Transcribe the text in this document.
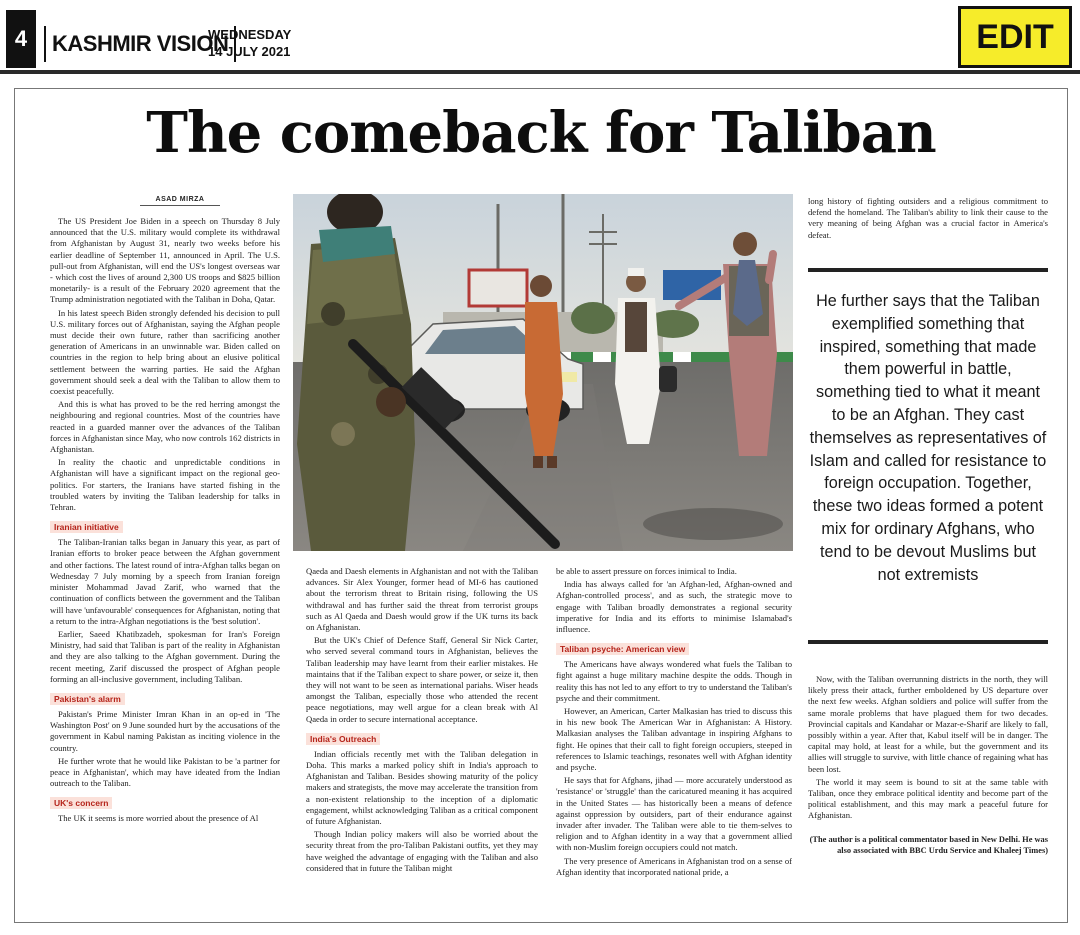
4	KASHMIR VISION
WEDNESDAY
14 JULY 2021	EDIT
The comeback for Taliban
ASAD MIRZA

The US President Joe Biden in a speech on Thursday 8 July announced that the U.S. military would complete its withdrawal from Afghanistan by August 31, nearly two weeks before his earlier deadline of September 11, announced in April. The U.S. pull-out from Afghanistan, will end the US's longest overseas war - which cost the lives of around 2,300 US troops and $825 billion monetarily- is a result of the February 2020 agreement that the Trump administration negotiated with the Taliban in Doha, Qatar.

In his latest speech Biden strongly defended his decision to pull U.S. military forces out of Afghanistan, saying the Afghan people must decide their own future, rather than sacrificing another generation of Americans in an unwinnable war. Biden called on countries in the region to help bring about an elusive political settlement between the warring parties. He said the Afghan government should seek a deal with the Taliban to allow them to coexist peacefully.

And this is what has proved to be the red herring amongst the neighbouring and regional countries. Most of the countries have reacted in a guarded manner over the advances of the Taliban forces in Afghanistan since May, who now controls 162 districts in Afghanistan.

In reality the chaotic and unpredictable conditions in Afghanistan will have a significant impact on the regional geo-politics. For starters, the Iranians have started fishing in the troubled waters by inviting the Taliban leadership for talks in Tehran.

Iranian initiative

The Taliban-Iranian talks began in January this year, as part of Iranian efforts to broker peace between the Afghan government and other factions. The latest round of intra-Afghan talks began on Wednesday 7 July morning by a speech from Iranian foreign minister Mohammad Javad Zarif, who warned that the continuation of conflicts between the government and the Taliban will have 'unfavourable' consequences for Afghanistan, noting that a return to the intra-Afghan negotiations is the 'best solution'.

Earlier, Saeed Khatibzadeh, spokesman for Iran's Foreign Ministry, had said that Taliban is part of the reality in Afghanistan and they are also talking to the Afghan government. During the recent meeting, Zarif discussed the prospect of Afghan people forming an all-inclusive government, including Taliban.

Pakistan's alarm

Pakistan's Prime Minister Imran Khan in an op-ed in 'The Washington Post' on 9 June sounded hurt by the accusations of the government in Kabul naming Pakistan as inciting violence in the country.

He further wrote that he would like Pakistan to be 'a partner for peace in Afghanistan', which may have ideated from the Indian outreach to the Taliban.

UK's concern

The UK it seems is more worried about the presence of Al

Qaeda and Daesh elements in Afghanistan and not with the Taliban advances. Sir Alex Younger, former head of MI-6 has cautioned about the terrorism threat to Britain rising, following the US withdrawal and has further said the threat from terrorist groups such as Al Qaeda and Daesh would grow if the UK turns its back on Afghanistan.

But the UK's Chief of Defence Staff, General Sir Nick Carter, who served several command tours in Afghanistan, believes the Taliban leadership may have learnt from their earlier mistakes. He maintains that if the Taliban expect to share power, or seize it, then they will not want to be seen as international pariahs. Wiser heads amongst the Taliban, especially those who attended the recent peace negotiations, may well argue for a clean break with Al Qaeda in order to secure international acceptance.

India's Outreach

Indian officials recently met with the Taliban delegation in Doha. This marks a marked policy shift in India's approach to Afghanistan and Taliban. Besides showing maturity of the policy makers and strategists, the move may accelerate the transition from a non-existent relationship to the inception of a diplomatic engagement, whilst acknowledging Taliban as a critical component of future Afghanistan.

Though Indian policy makers will also be worried about the security threat from the pro-Taliban Pakistani outfits, yet they may have weighed the advantage of engaging with the Taliban and also considered that in future the Taliban might

be able to assert pressure on forces inimical to India.

India has always called for 'an Afghan-led, Afghan-owned and Afghan-controlled process', and as such, the strategic move to engage with Taliban broadly demonstrates a regional security imperative for India and its efforts to minimise Islamabad's influence.

Taliban psyche: American view

The Americans have always wondered what fuels the Taliban to fight against a huge military machine despite the odds. Though in reality this has not led to any effort to try to understand the Taliban's psyche and their commitment.

However, an American, Carter Malkasian has tried to discuss this in his new book The American War in Afghanistan: A History. Malkasian analyses the Taliban advantage in inspiring Afghans to fight. He opines that their call to fight foreign occupiers, steeped in references to Islamic teachings, resonates well with Afghan identity and psyche.

He says that for Afghans, jihad — more accurately understood as 'resistance' or 'struggle' than the caricatured meaning it has acquired in the United States — has historically been a means of defence against oppression by outsiders, part of their endurance against invader after invader. The Taliban were able to tie them-selves to religion and to Afghan identity in a way that a government allied with non-Muslim foreign occupiers could not match.

The very presence of Americans in Afghanistan trod on a sense of Afghan identity that incorporated national pride, a

long history of fighting outsiders and a religious commitment to defend the homeland. The Taliban's ability to link their cause to the very meaning of being Afghan was a crucial factor in America's defeat.

He further says that the Taliban exemplified something that inspired, something that made them powerful in battle, something tied to what it meant to be an Afghan. They cast themselves as representatives of Islam and called for resistance to foreign occupation. Together, these two ideas formed a potent mix for ordinary Afghans, who tend to be devout Muslims but not extremists

Now, with the Taliban overrunning districts in the north, they will likely press their attack, further emboldened by US departure over the next few weeks. Afghan soldiers and police will suffer from the same morale problems that have plagued them for two decades. Provincial capitals and Kandahar or Mazar-e-Sharif are likely to fall, possibly within a year. After that, Kabul itself will be in danger. The capital may hold, at least for a while, but the government and its allies will struggle to survive, with little chance of regaining what has been lost.

The world it may seem is bound to sit at the same table with Taliban, once they embrace political identity and become part of the political establishment, and this may mark a peaceful future for Afghanistan.

(The author is a political commentator based in New Delhi. He was also associated with BBC Urdu Service and Khaleej Times)
